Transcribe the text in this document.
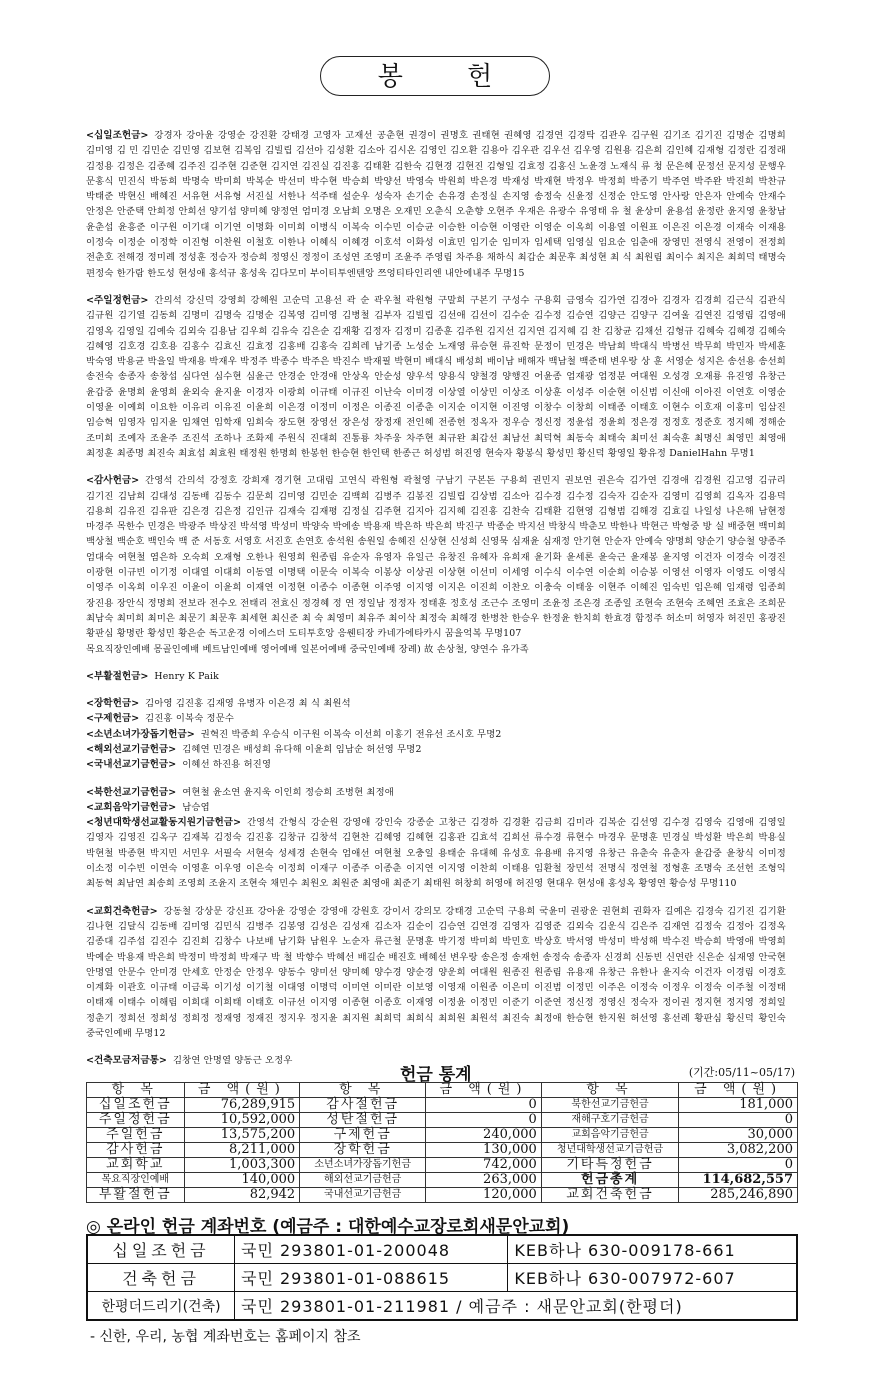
봉 헌

<십일조헌금> 강경자 강아윤 강영순 강진환 강태경 고영자 고재선 공춘현 권경이 권명호 권태현 권혜영 김경연 김경탁 김관우 김구원 김기조 김기진 김명순 김명희 김미영 김 민 김민순 김민영 김보현 김복임 김빌립 김선아 김성환 김소아 김시온 김영인 김오환 김용아 김우관 김우선 김우영 김원용 김은희 김인혜 김재형 김정란 김정래 김정용 김정은 김종혜 김주진 김주현 김준현 김지연 김진실 김진홍 김태환 김한숙 김현경 김현진 김형일 김효정 김홍신 노윤경 노재식 류 청 문은혜 문정선 문지성 문행우 문홍식 민진식 박동희 박명숙 박미희 박복순 박선미 박수현 박승희 박양선 박영숙 박원희 박은경 박재성 박재현 박정우 박정희 박종기 박주연 박주완 박진희 박찬규 박태준 박현신 배혜진 서유현 서유형 서진실 서한나 석주태 설순우 성숙자 손기순 손유경 손정실 손지영 송정숙 신윤정 신정순 안도영 안사랑 안은자 안예숙 안재수 안정은 안준택 안희정 안희선 양기섭 양미혜 양정연 엄미경 오남희 오명은 오재민 오춘식 오춘향 오현주 우재은 유광수 유영태 유 철 윤상미 윤용섭 윤정란 윤지영 윤창남 윤춘섭 윤흥준 이구원 이기대 이기연 이명화 이미희 이병식 이복숙 이수민 이승균 이승한 이승현 이영란 이영순 이옥희 이용열 이원표 이은진 이은경 이재숙 이재용 이정숙 이정순 이정학 이진형 이찬원 이철호 이한나 이혜식 이혜경 이호석 이화성 이효민 임기순 임미자 임세택 임영실 임요순 임춘애 장영민 전영식 전영이 전정희 전춘호 전해경 정미례 정성훈 정승자 정승희 정영신 정정이 조성연 조영미 조윤주 주영림 차주용 채하식 최갑순 최문후 최성현 최 식 최원림 최이수 최지은 최희덕 태명숙 편정숙 한가람 한도성 현성애 홍석규 홍성욱 김다모미 부이티투엔텐앙 쯔엉티타인리엔 내안에내주 무명15

<주일정헌금> 간의석 강신덕 강영희 강혜원 고순덕 고용선 곽 순 곽우철 곽원형 구말희 구본기 구성수 구용회 금영숙 김가연 김경아 김경자 김경희 김근식 김관식 김규원 김기열 김동희 김명미 김명숙 김명순 김복영 김미영 김병철 김부자 김빌립 김선애 김선이 김수순 김수정 김승연 김양근 김양구 김여울 김연진 김영림 김영애 김영옥 김영일 김예숙 김외숙 김용남 김우희 김유숙 김은순 김재황 김정자 김정미 김종훈 김주원 김지선 김지연 김지혜 김 찬 김창균 김채선 김형규 김혜숙 김혜경 김혜숙 김혜영 김호경 김호용 김홍수 김효신 김효정 김홍배 김홍숙 김희레 남기종 노성순 노재영 류승현 류진학 문정이 민경은 박남희 박대식 박병선 박무희 박민자 박세훈 박숙영 박용균 박을일 박재용 박재우 박정주 박종수 박주은 박진수 박재필 박현미 배대식 배성희 배이남 배해자 백남철 백준태 변우랑 상 훈 서영순 성지은 송선용 송선희 송전숙 송종자 송창섭 심다연 심수현 심윤근 안경순 안경애 안상옥 안순성 양우석 양용식 양철경 양행진 어윤종 엄재광 엄정분 여대원 오성경 오재룡 유진영 유창근 윤갑중 윤명희 윤영희 윤외숙 윤지윤 이경자 이광희 이규태 이규진 이난숙 이미경 이상열 이상민 이상조 이상훈 이성주 이순현 이신범 이신애 이아진 이연호 이영순 이영윤 이예희 이요한 이유리 이유진 이윤희 이은경 이정미 이정은 이종진 이종춘 이지순 이지현 이진영 이창수 이창희 이태종 이태호 이현수 이호재 이홍미 임삼진 임승혁 임영자 임지윤 임채연 임학재 임희숙 장도현 장영선 장은성 장정재 전인혜 전종헌 정옥자 정우승 정신정 정윤섭 정윤희 정은경 정정호 정준호 정지혜 정해순 조미희 조예자 조윤주 조진석 조하나 조화제 주원식 진대희 진통룡 차주웅 차주현 최규완 최갑선 최남선 최덕혁 최동숙 최태숙 최미선 최숙훈 최명신 최영민 최영애 최정훈 최종명 최진숙 최효섭 최효원 태정원 한명희 한봉헌 한승현 한인택 한종근 허성범 허진영 현숙자 황봉식 황성민 황신덕 황영일 황유정 DanielHahn 무명1

<감사헌금> 간영석 간의석 강정호 강희재 경기현 고대림 고연식 곽원형 곽철영 구남기 구본돈 구용희 권민지 권보연 권은숙 김가연 김경애 김경원 김고영 김규리 김기진 김남희 김대성 김동배 김동수 김문희 김미영 김민순 김백희 김병주 김봉진 김빌립 김상범 김소아 김수경 김수정 김숙자 김순자 김영미 김영희 김옥자 김용덕 김용희 김유진 김유판 김은경 김은정 김인규 김재숙 김재평 김정실 김주현 김지아 김지혜 김진홍 김찬숙 김태환 김현영 김형범 김해경 김효길 나일성 나은해 남현정 마경주 목한수 민경은 박광주 박상진 박석영 박성미 박양숙 박에송 박용재 박은하 박은희 박진구 박종순 박지선 박창식 박춘모 박한나 박현근 박형중 방 실 배중현 백미희 백상철 백순호 백인숙 백 준 서동호 서영호 서진호 손연호 송석원 송원일 송혜진 신상현 신성희 신영묵 심재윤 심재정 안기현 안순자 안예숙 양명희 양순기 양승철 양종주 엄대숙 여현철 염은하 오숙희 오재형 오한나 원영희 원종림 유순자 유영자 유일근 유창진 유혜자 유희재 윤기화 윤세론 윤숙근 윤재봉 윤지영 이건자 이경숙 이경진 이광현 이규빈 이기정 이대열 이대희 이동열 이명택 이문숙 이복숙 이봉상 이상권 이상현 이선미 이세영 이수식 이수연 이순희 이승봉 이영선 이영자 이영도 이영식 이영주 이옥희 이우진 이윤이 이윤희 이재연 이정현 이종수 이종현 이주영 이지영 이지은 이진희 이찬오 이충숙 이태웅 이현주 이혜진 임숙빈 임은혜 임재령 임종희 장진용 장안식 정명희 전보라 전수오 전태리 전효신 정경혜 정 연 정일남 정정자 정태훈 정호성 조근수 조영미 조윤정 조은경 조종일 조현숙 조현숙 조혜연 조효은 조희문 최남숙 최미희 최미은 최문기 최문후 최세현 최신준 최 숙 최영미 최유주 최이삭 최정숙 최해경 한병찬 한승우 한정윤 한치희 한효경 함정주 허소미 허영자 허진민 홍광진 황판심 황명란 황성민 황은순 독고운경 이에스더 도티투호앙 응웬티장 카네가에타카시 꿈을억복 무명107

목요직장인예배 몽골인예배 베트남인예배 영어예배 일본어예배 중국인예배 장례) 故 손상철, 양연수 유가족

<부활절헌금> Henry K Paik

<장학헌금> 김아영 김진홍 김재영 유병자 이은경 최 식 최원석

<구제헌금> 김진홍 이복숙 정문수

<소년소녀가장돕기헌금> 권혁진 박종희 우승식 이구원 이복숙 이선희 이홍기 전유선 조시호 무명2

<해외선교기금헌금> 김혜연 민경은 배성희 유다해 이윤희 임남순 허선영 무명2

<국내선교기금헌금> 이혜선 하진용 허진영

<북한선교기금헌금> 여현철 윤소연 윤지욱 이인희 정승희 조병현 최정애

<교회음악기금헌금> 남승엽

<청년대학생선교활동지원기금헌금> 간영석 간형식 강순원 강영애 강인숙 강종순 고창근 김경하 김경환 김금희 김미라 김복순 김선영 김수경 김영숙 김영애 김영일 김영자 김영진 김옥구 김재복 김정숙 김진홍 김창규 김창석 김현찬 김혜영 김혜현 김홍관 김효석 김희선 류수경 류현수 마경우 문명훈 민경실 박성환 박은희 박용실 박현철 박종현 박지민 서민우 서필숙 서현숙 성세경 손현숙 엄애선 여현철 오충일 용태순 유대혜 유성호 유용배 유지영 유창근 유춘숙 유춘자 윤갑중 윤창식 이미정 이소정 이수빈 이연숙 이영훈 이우영 이은숙 이정희 이재구 이종주 이종춘 이지연 이지영 이찬희 이태용 임환철 장민석 전명식 정연철 정형훈 조명숙 조선헌 조형익 최동혁 최남연 최송희 조영희 조윤지 조현숙 채민수 최원오 최원준 최영애 최준기 최태원 허창희 허영애 허진영 현대우 현성애 홍성옥 황영연 황승성 무명110

<교회건축헌금> 강동철 강상문 강신표 강아윤 강영순 강영애 강원호 강이서 강의모 강태경 고순덕 구용희 국윤미 권광운 권현희 권화자 길예은 김경숙 김기진 김기환 김나현 김달식 김동배 김미영 김민식 김병주 김봉영 김성은 김성재 김소자 김순이 김승연 김연경 김영자 김영준 김외숙 김운식 김은주 김재연 김정숙 김정아 김정옥 김종대 김주섭 김진수 김진희 김창수 나보배 남기화 남원우 노순자 류근철 문명훈 박기정 박미희 박민호 박상호 박서영 박성미 박성해 박수진 박승희 박영애 박영희 박예순 박용재 박은희 박정미 박정희 박재구 박 철 박향수 박혜선 배길순 배진호 배혜선 변우랑 송은정 송재헌 송정숙 송종자 신경희 신동빈 신연란 신은순 심재영 안국현 안명열 안문수 안미경 안세호 안정순 안정우 양동수 양미선 양미혜 양수경 양순경 양운희 여대원 원종진 원종림 유용재 유창근 유한나 윤지숙 이건자 이경림 이경호 이계화 이관호 이규태 이금록 이기성 이기철 이대영 이명덕 이미연 이미란 이보영 이영재 이원종 이은미 이진범 이정민 이주은 이정숙 이정우 이정숙 이주철 이정태 이태재 이태수 이해림 이희대 이희태 이태호 이규선 이지영 이종현 이종호 이재영 이정윤 이정민 이준기 이준연 정신정 정영신 정숙자 정이권 정지현 정지영 정희일 정춘기 정희선 정희성 정희정 정재영 정재진 정지우 정지윤 최지원 최희덕 최희식 최희원 최원석 최진숙 최정애 한승현 한지원 허선영 홍선례 황판심 황신덕 황인숙 중국인예배 무명12

<건축모금저금통> 김창연 안명열 양동근 오정우

헌금 통계	(기간:05/11~05/17)
항 목	금 액(원)	항 목	금 액(원)	항 목	금 액(원)
십일조헌금	76,289,915	감사절헌금	0	북한선교기금헌금	181,000
주일정헌금	10,592,000	성탄절헌금	0	재해구호기금헌금	0
주일헌금	13,575,200	구제헌금	240,000	교회음악기금헌금	30,000
감사헌금	8,211,000	장학헌금	130,000	청년대학생선교기금헌금	3,082,200
교회학교	1,003,300	소년소녀가장돕기헌금	742,000	기타특정헌금	0
목요직장인예배	140,000	해외선교기금헌금	263,000	헌금총계	114,682,557
부활절헌금	82,942	국내선교기금헌금	120,000	교회건축헌금	285,246,890
◎ 온라인 헌금 계좌번호 (예금주 : 대한예수교장로회새문안교회)
십일조헌금	국민 293801-01-200048	KEB하나 630-009178-661
건축헌금	국민 293801-01-088615	KEB하나 630-007972-607
한평더드리기(건축)	국민 293801-01-211981 / 예금주 : 새문안교회(한평더)	
- 신한, 우리, 농협 계좌번호는 홈페이지 참조
